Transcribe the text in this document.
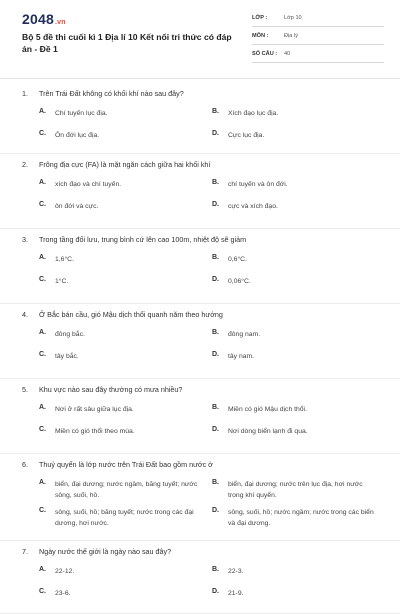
2048.vn
Bộ 5 đề thi cuối kì 1 Địa lí 10 Kết nối tri thức có đáp án - Đề 1
LỚP :	Lớp 10
MÔN :	Địa lý
SỐ CÂU : 40
1. Trên Trái Đất không có khối khí nào sau đây?
A. Chí tuyến lục địa.	B. Xích đạo lục địa.
C. Ôn đới lục địa.	D. Cực lục địa.
2. Frông địa cực (FA) là mặt ngăn cách giữa hai khối khí
A. xích đạo và chí tuyến.	B. chí tuyến và ôn đới.
C. ôn đới và cực.	D. cực và xích đạo.
3. Trong tầng đối lưu, trung bình cứ lên cao 100m, nhiệt độ sẽ giảm
A. 1,6°C.	B. 0,6°C.
C. 1°C.	D. 0,06°C.
4. Ở Bắc bán cầu, gió Mậu dịch thổi quanh năm theo hướng
A. đông bắc.	B. đông nam.
C. tây bắc.	D. tây nam.
5. Khu vực nào sau đây thường có mưa nhiều?
A. Nơi ở rất sâu giữa lục địa.	B. Miền có gió Mậu dịch thổi.
C. Miền có gió thổi theo mùa.	D. Nơi dòng biển lạnh đi qua.
6. Thuỷ quyển là lớp nước trên Trái Đất bao gồm nước ở
A. biển, đại dương; nước ngầm, băng tuyết; nước sông, suối, hồ.
B. biển, đại dương; nước trên lục địa, hơi nước trong khí quyển.
C. sông, suối, hồ; băng tuyết; nước trong các đại dương, hơi nước.
D. sông, suối, hồ; nước ngầm; nước trong các biển và đại dương.
7. Ngày nước thế giới là ngày nào sau đây?
A. 22-12.	B. 22-3.
C. 23-6.	D. 21-9.
